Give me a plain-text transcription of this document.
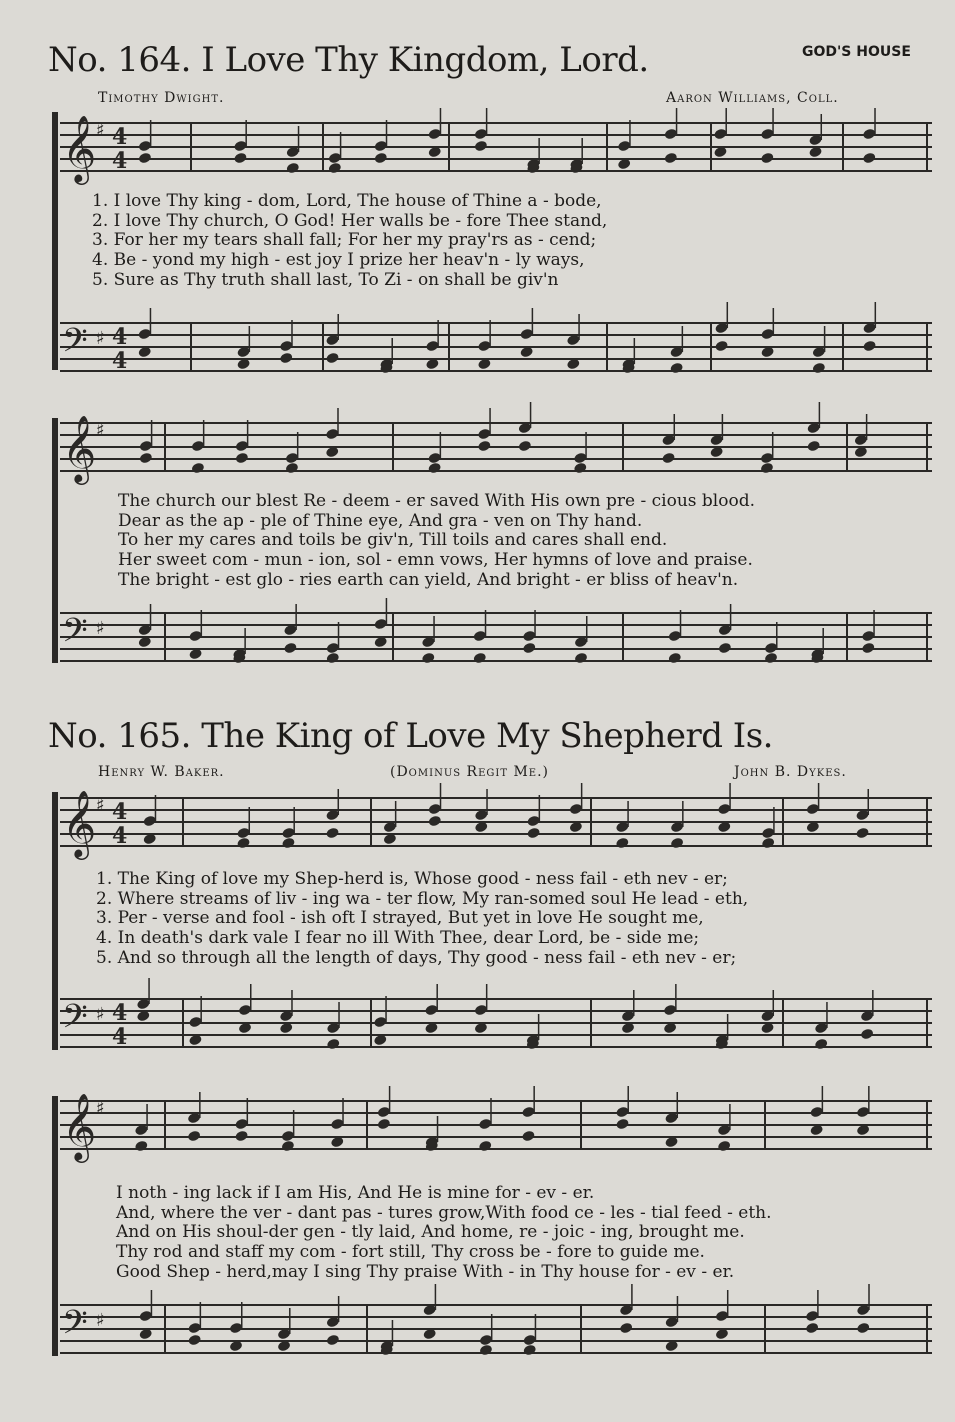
GOD'S HOUSE
No. 164. I Love Thy Kingdom, Lord.
Timothy Dwight.	Aaron Williams, Coll.
1. I love Thy king - dom, Lord, The house of Thine a - bode,
2. I love Thy church, O God! Her walls be - fore Thee stand,
3. For her my tears shall fall; For her my pray'rs as - cend;
4. Be - yond my high - est joy I prize her heav'n - ly ways,
5. Sure as Thy truth shall last, To Zi - on shall be giv'n
The church our blest Re - deem - er saved With His own pre - cious blood.
Dear as the ap - ple of Thine eye, And gra - ven on Thy hand.
To her my cares and toils be giv'n, Till toils and cares shall end.
Her sweet com - mun - ion, sol - emn vows, Her hymns of love and praise.
The bright - est glo - ries earth can yield, And bright - er bliss of heav'n.
No. 165. The King of Love My Shepherd Is.
Henry W. Baker.	(Dominus Regit Me.)	John B. Dykes.
1. The King of love my Shep-herd is, Whose good - ness fail - eth nev - er;
2. Where streams of liv - ing wa - ter flow, My ran-somed soul He lead - eth,
3. Per - verse and fool - ish oft I strayed, But yet in love He sought me,
4. In death's dark vale I fear no ill With Thee, dear Lord, be - side me;
5. And so through all the length of days, Thy good - ness fail - eth nev - er;
I noth - ing lack if I am His, And He is mine for - ev - er.
And, where the ver - dant pas - tures grow,With food ce - les - tial feed - eth.
And on His shoul-der gen - tly laid, And home, re - joic - ing, brought me.
Thy rod and staff my com - fort still, Thy cross be - fore to guide me.
Good Shep - herd,may I sing Thy praise With - in Thy house for - ev - er.
𝄞 ♯ 4
4
𝄢 ♯ 4
4
𝄞 ♯
𝄢 ♯
𝄞 ♯ 4
4
𝄢 ♯ 4
4
𝄞 ♯
𝄢 ♯
